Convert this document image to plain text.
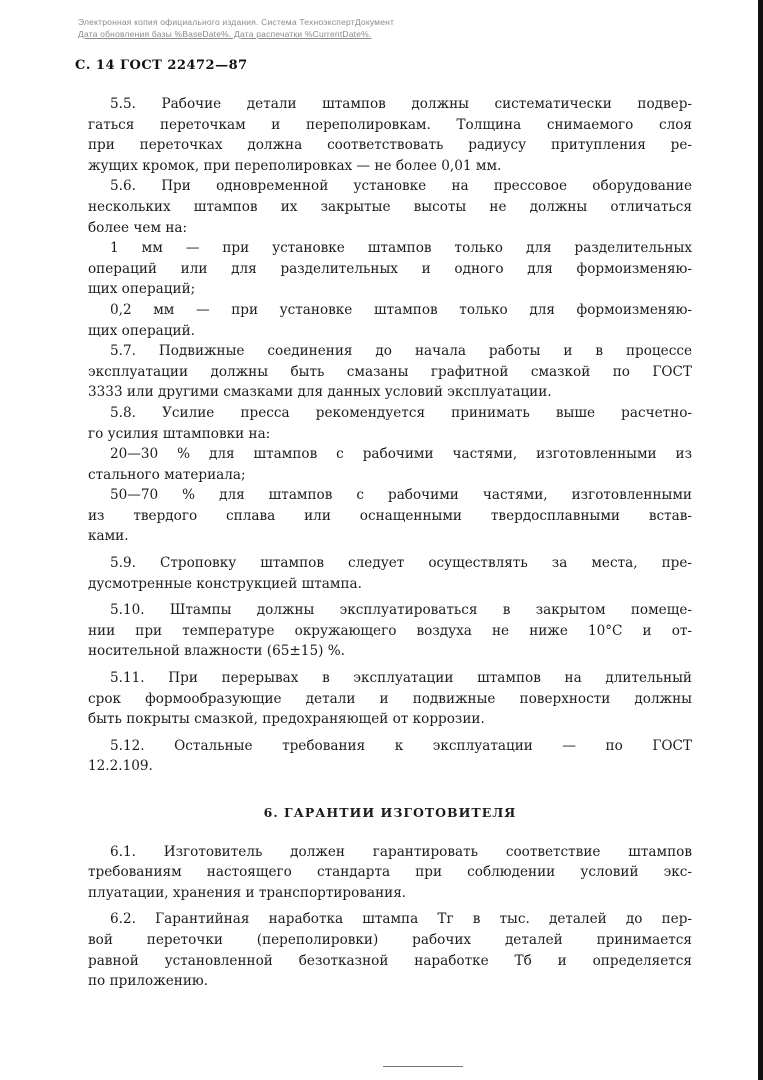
Электронная копия официального издания. Система ТехноэкспертДокумент
Дата обновления базы %BaseDate%. Дата распечатки %CurrentDate%.
С. 14 ГОСТ 22472—87
5.5. Рабочие детали штампов должны систематически подвер-
гаться переточкам и переполировкам. Толщина снимаемого слоя
при переточках должна соответствовать радиусу притупления ре-
жущих кромок, при переполировках — не более 0,01 мм.
5.6. При одновременной установке на прессовое оборудование
нескольких штампов их закрытые высоты не должны отличаться
более чем на:
1 мм — при установке штампов только для разделительных
операций или для разделительных и одного для формоизменяю-
щих операций;
0,2 мм — при установке штампов только для формоизменяю-
щих операций.
5.7. Подвижные соединения до начала работы и в процессе
эксплуатации должны быть смазаны графитной смазкой по ГОСТ
3333 или другими смазками для данных условий эксплуатации.
5.8. Усилие пресса рекомендуется принимать выше расчетно-
го усилия штамповки на:
20—30 % для штампов с рабочими частями, изготовленными из
стального материала;
50—70 % для штампов с рабочими частями, изготовленными
из твердого сплава или оснащенными твердосплавными встав-
ками.
5.9. Строповку штампов следует осуществлять за места, пре-
дусмотренные конструкцией штампа.
5.10. Штампы должны эксплуатироваться в закрытом помеще-
нии при температуре окружающего воздуха не ниже 10°С и от-
носительной влажности (65±15) %.
5.11. При перерывах в эксплуатации штампов на длительный
срок формообразующие детали и подвижные поверхности должны
быть покрыты смазкой, предохраняющей от коррозии.
5.12. Остальные требования к эксплуатации — по ГОСТ
12.2.109.
6. ГАРАНТИИ ИЗГОТОВИТЕЛЯ
6.1. Изготовитель должен гарантировать соответствие штампов
требованиям настоящего стандарта при соблюдении условий экс-
плуатации, хранения и транспортирования.
6.2. Гарантийная наработка штампа Тг в тыс. деталей до пер-
вой переточки (переполировки) рабочих деталей принимается
равной установленной безотказной наработке Тб и определяется
по приложению.
